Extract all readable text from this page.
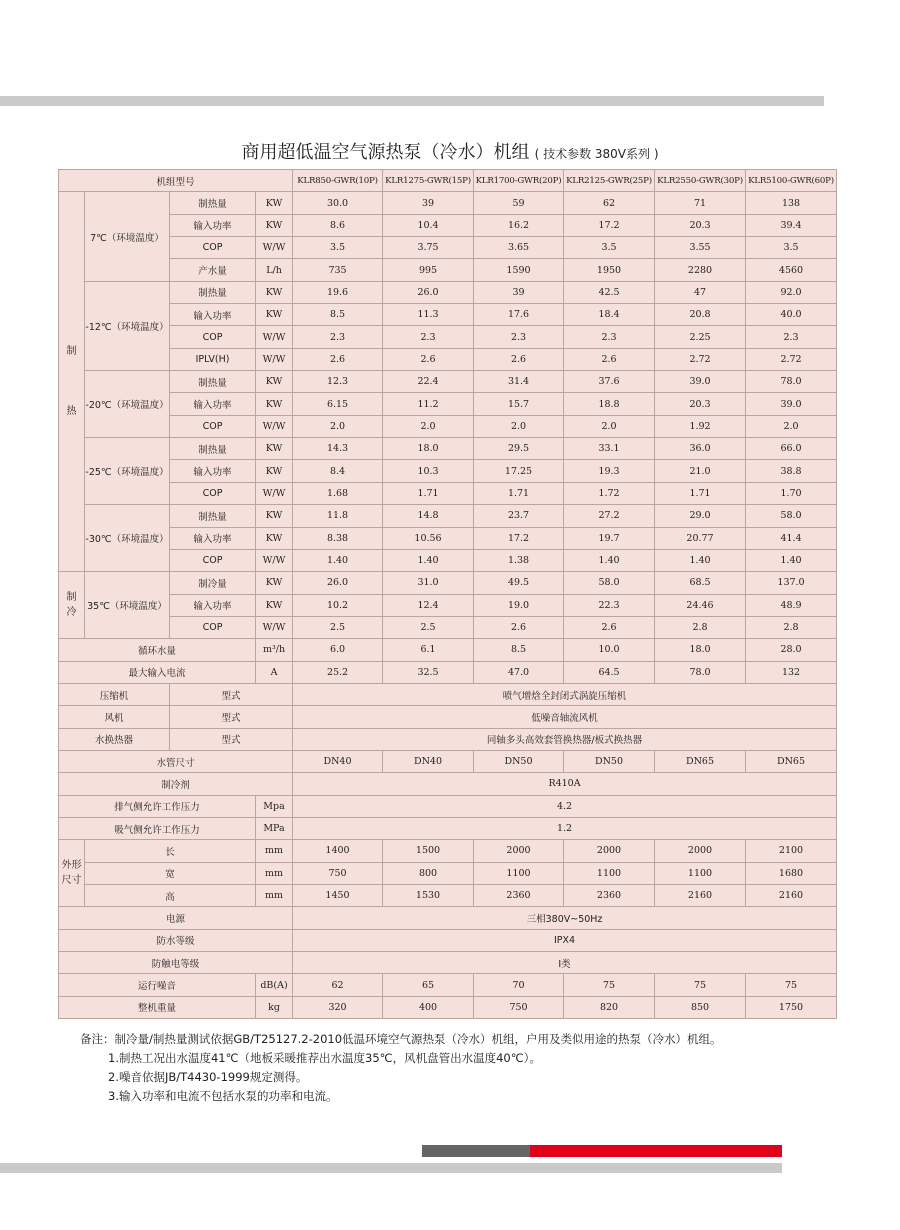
商用超低温空气源热泵（冷水）机组 ( 技术参数 380V系列 )
机组型号				KLR850-GWR(10P)	KLR1275-GWR(15P)	KLR1700-GWR(20P)	KLR2125-GWR(25P)	KLR2550-GWR(30P)	KLR5100-GWR(60P)
制

热	7℃（环境温度）	制热量	KW	30.0	39	59	62	71	138
		输入功率	KW	8.6	10.4	16.2	17.2	20.3	39.4
		COP	W/W	3.5	3.75	3.65	3.5	3.55	3.5
		产水量	L/h	735	995	1590	1950	2280	4560
	-12℃（环境温度）	制热量	KW	19.6	26.0	39	42.5	47	92.0
		输入功率	KW	8.5	11.3	17.6	18.4	20.8	40.0
		COP	W/W	2.3	2.3	2.3	2.3	2.25	2.3
		IPLV(H)	W/W	2.6	2.6	2.6	2.6	2.72	2.72
	-20℃（环境温度）	制热量	KW	12.3	22.4	31.4	37.6	39.0	78.0
		输入功率	KW	6.15	11.2	15.7	18.8	20.3	39.0
		COP	W/W	2.0	2.0	2.0	2.0	1.92	2.0
	-25℃（环境温度）	制热量	KW	14.3	18.0	29.5	33.1	36.0	66.0
		输入功率	KW	8.4	10.3	17.25	19.3	21.0	38.8
		COP	W/W	1.68	1.71	1.71	1.72	1.71	1.70
	-30℃（环境温度）	制热量	KW	11.8	14.8	23.7	27.2	29.0	58.0
		输入功率	KW	8.38	10.56	17.2	19.7	20.77	41.4
		COP	W/W	1.40	1.40	1.38	1.40	1.40	1.40
制
冷	35℃（环境温度）	制冷量	KW	26.0	31.0	49.5	58.0	68.5	137.0
		输入功率	KW	10.2	12.4	19.0	22.3	24.46	48.9
		COP	W/W	2.5	2.5	2.6	2.6	2.8	2.8
循环水量			m³/h	6.0	6.1	8.5	10.0	18.0	28.0
最大输入电流			A	25.2	32.5	47.0	64.5	78.0	132
压缩机		型式		喷气增焓全封闭式涡旋压缩机					
风机		型式		低噪音轴流风机					
水换热器		型式		同轴多头高效套管换热器/板式换热器					
水管尺寸				DN40	DN40	DN50	DN50	DN65	DN65
制冷剂				R410A					
排气侧允许工作压力			Mpa	4.2					
吸气侧允许工作压力			MPa	1.2					
外形
尺寸	长		mm	1400	1500	2000	2000	2000	2100
	宽		mm	750	800	1100	1100	1100	1680
	高		mm	1450	1530	2360	2360	2160	2160
电源				三相380V~50Hz					
防水等级				IPX4					
防触电等级				I类					
运行噪音			dB(A)	62	65	70	75	75	75
整机重量			kg	320	400	750	820	850	1750
备注：制冷量/制热量测试依据GB/T25127.2-2010低温环境空气源热泵（冷水）机组，户用及类似用途的热泵（冷水）机组。
1.制热工况出水温度41℃（地板采暖推荐出水温度35℃，风机盘管出水温度40℃）。
2.噪音依据JB/T4430-1999规定测得。
3.输入功率和电流不包括水泵的功率和电流。
